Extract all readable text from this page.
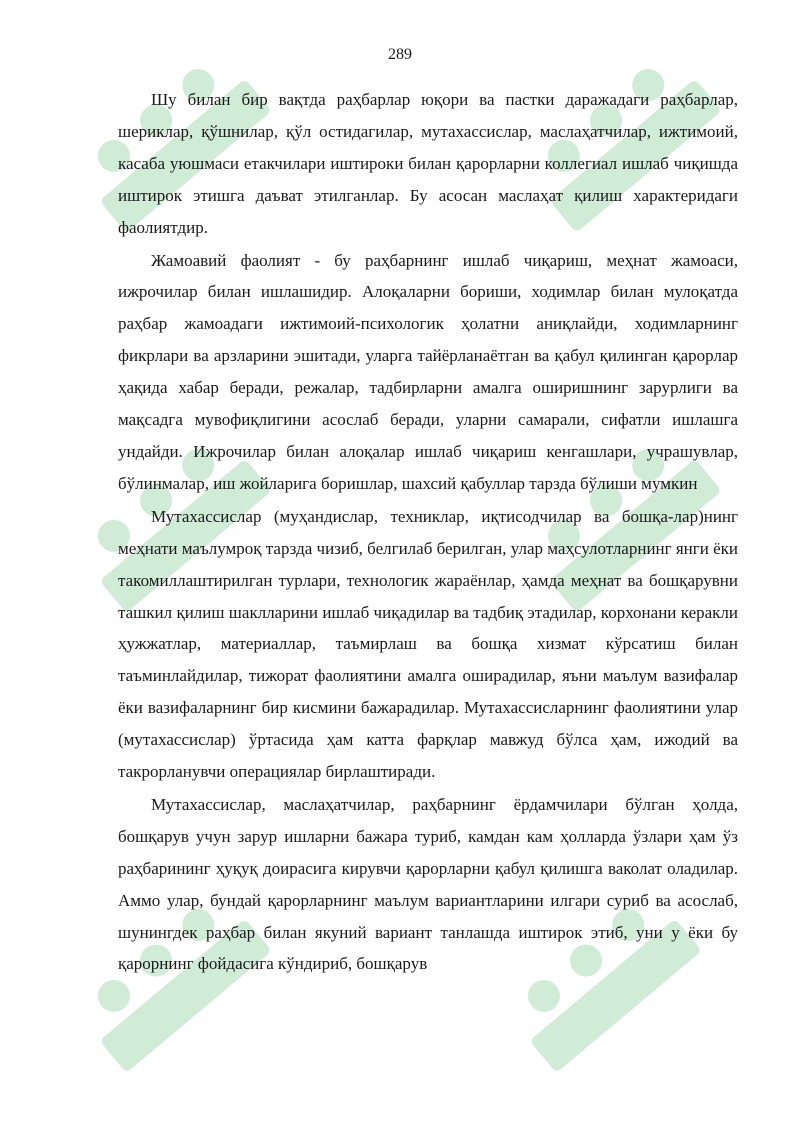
289

Шу билан бир вақтда раҳбарлар юқори ва пастки даражадаги раҳбарлар, шериклар, қўшнилар, қўл остидагилар, мутахассислар, маслаҳатчилар, ижтимоий, касаба уюшмаси етакчилари иштироки билан қарорларни коллегиал ишлаб чиқишда иштирок этишга даъват этилганлар. Бу асосан маслаҳат қилиш характеридаги фаолиятдир.

Жамоавий фаолият - бу раҳбарнинг ишлаб чиқариш, меҳнат жамоаси, ижрочилар билан ишлашидир. Алоқаларни бориши, ходимлар билан мулоқатда раҳбар жамоадаги ижтимоий-психологик ҳолатни аниқлайди, ходимларнинг фикрлари ва арзларини эшитади, уларга тайёрланаётган ва қабул қилинган қарорлар ҳақида хабар беради, режалар, тадбирларни амалга оширишнинг зарурлиги ва мақсадга мувофиқлигини асослаб беради, уларни самарали, сифатли ишлашга ундайди. Ижрочилар билан алоқалар ишлаб чиқариш кенгашлари, учрашувлар, бўлинмалар, иш жойларига боришлар, шахсий қабуллар тарзда бўлиши мумкин

Мутахассислар (муҳандислар, техниклар, иқтисодчилар ва бошқа-лар)нинг меҳнати маълумроқ тарзда чизиб, белгилаб берилган, улар маҳсулотларнинг янги ёки такомиллаштирилган турлари, технологик жараёнлар, ҳамда меҳнат ва бошқарувни ташкил қилиш шаклларини ишлаб чиқадилар ва тадбиқ этадилар, корхонани керакли ҳужжатлар, материаллар, таъмирлаш ва бошқа хизмат кўрсатиш билан таъминлайдилар, тижорат фаолиятини амалга оширадилар, яъни маълум вазифалар ёки вазифаларнинг бир кисмини бажарадилар. Мутахассисларнинг фаолиятини улар (мутахассислар) ўртасида ҳам катта фарқлар мавжуд бўлса ҳам, ижодий ва такрорланувчи операциялар бирлаштиради.

Мутахассислар, маслаҳатчилар, раҳбарнинг ёрдамчилари бўлган ҳолда, бошқарув учун зарур ишларни бажара туриб, камдан кам ҳолларда ўзлари ҳам ўз раҳбарининг ҳуқуқ доирасига кирувчи қарорларни қабул қилишга ваколат оладилар. Аммо улар, бундай қарорларнинг маълум вариантларини илгари суриб ва асослаб, шунингдек раҳбар билан якуний вариант танлашда иштирок этиб, уни у ёки бу қарорнинг фойдасига кўндириб, бошқарув
